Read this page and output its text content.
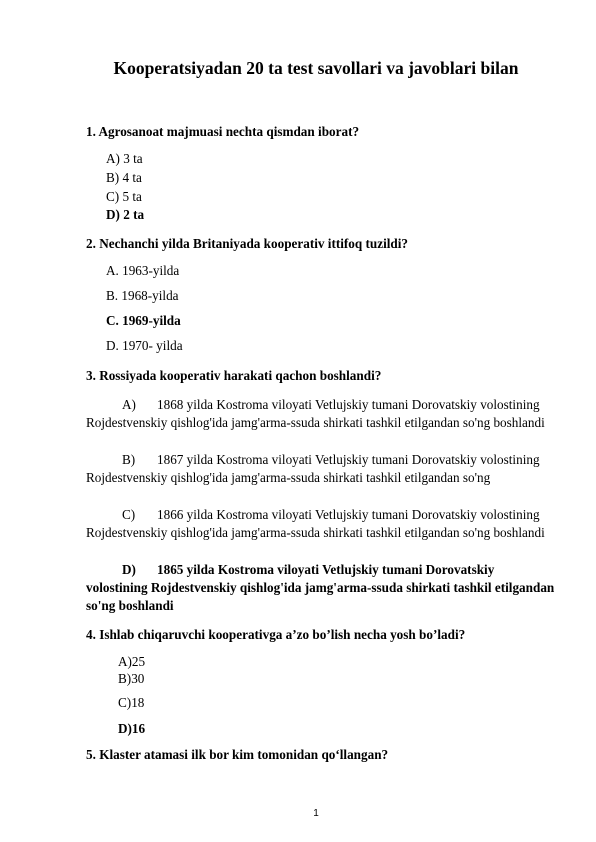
Kooperatsiyadan 20 ta test savollari va javoblari bilan
1. Agrosanoat majmuasi nechta qismdan iborat?
A) 3 ta
B) 4 ta
C) 5 ta
D) 2 ta
2. Nechanchi yilda Britaniyada kooperativ ittifoq tuzildi?
A. 1963-yilda
B. 1968-yilda
C. 1969-yilda
D. 1970- yilda
3. Rossiyada kooperativ harakati qachon boshlandi?
A) 1868 yilda Kostroma viloyati Vetlujskiy tumani Dorovatskiy volostining Rojdestvenskiy qishlog'ida jamg'arma-ssuda shirkati tashkil etilgandan so'ng boshlandi
B) 1867 yilda Kostroma viloyati Vetlujskiy tumani Dorovatskiy volostining Rojdestvenskiy qishlog'ida jamg'arma-ssuda shirkati tashkil etilgandan so'ng
C) 1866 yilda Kostroma viloyati Vetlujskiy tumani Dorovatskiy volostining Rojdestvenskiy qishlog'ida jamg'arma-ssuda shirkati tashkil etilgandan so'ng boshlandi
D) 1865 yilda Kostroma viloyati Vetlujskiy tumani Dorovatskiy volostining Rojdestvenskiy qishlog'ida jamg'arma-ssuda shirkati tashkil etilgandan so'ng boshlandi
4. Ishlab chiqaruvchi kooperativga a’zo bo’lish necha yosh bo’ladi?
A)25
B)30
C)18
D)16
5. Klaster atamasi ilk bor kim tomonidan qo‘llangan?
1
